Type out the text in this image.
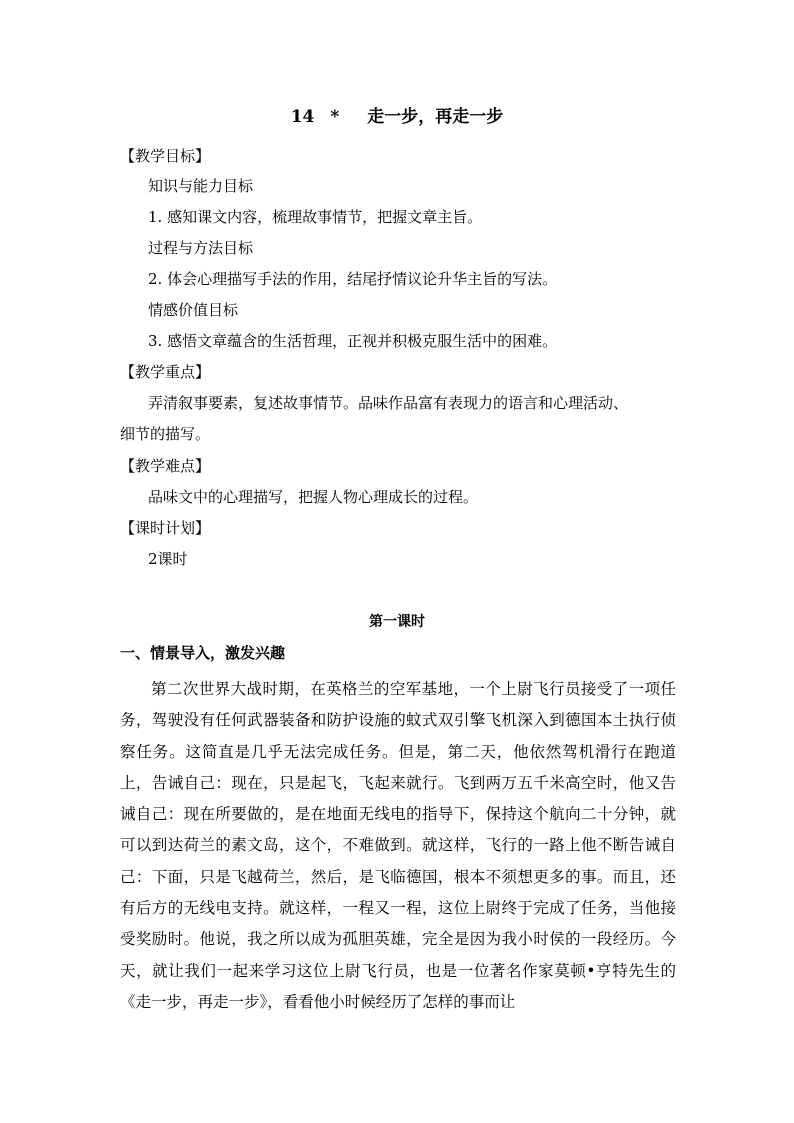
14 * 走一步，再走一步
【教学目标】
知识与能力目标
1. 感知课文内容，梳理故事情节，把握文章主旨。
过程与方法目标
2. 体会心理描写手法的作用，结尾抒情议论升华主旨的写法。
情感价值目标
3. 感悟文章蕴含的生活哲理，正视并积极克服生活中的困难。
【教学重点】
弄清叙事要素，复述故事情节。品味作品富有表现力的语言和心理活动、
细节的描写。
【教学难点】
品味文中的心理描写，把握人物心理成长的过程。
【课时计划】
2课时
第一课时
一、情景导入，激发兴趣
第二次世界大战时期，在英格兰的空军基地，一个上尉飞行员接受了一项任务，驾驶没有任何武器装备和防护设施的蚊式双引擎飞机深入到德国本土执行侦察任务。这简直是几乎无法完成任务。但是，第二天，他依然驾机滑行在跑道上，告诫自己：现在，只是起飞，飞起来就行。飞到两万五千米高空时，他又告诫自己：现在所要做的，是在地面无线电的指导下，保持这个航向二十分钟，就可以到达荷兰的素文岛，这个，不难做到。就这样，飞行的一路上他不断告诫自己：下面，只是飞越荷兰，然后，是飞临德国，根本不须想更多的事。而且，还有后方的无线电支持。就这样，一程又一程，这位上尉终于完成了任务，当他接受奖励时。他说，我之所以成为孤胆英雄，完全是因为我小时侯的一段经历。今天，就让我们一起来学习这位上尉飞行员，也是一位著名作家莫顿•亨特先生的《走一步，再走一步》，看看他小时候经历了怎样的事而让
